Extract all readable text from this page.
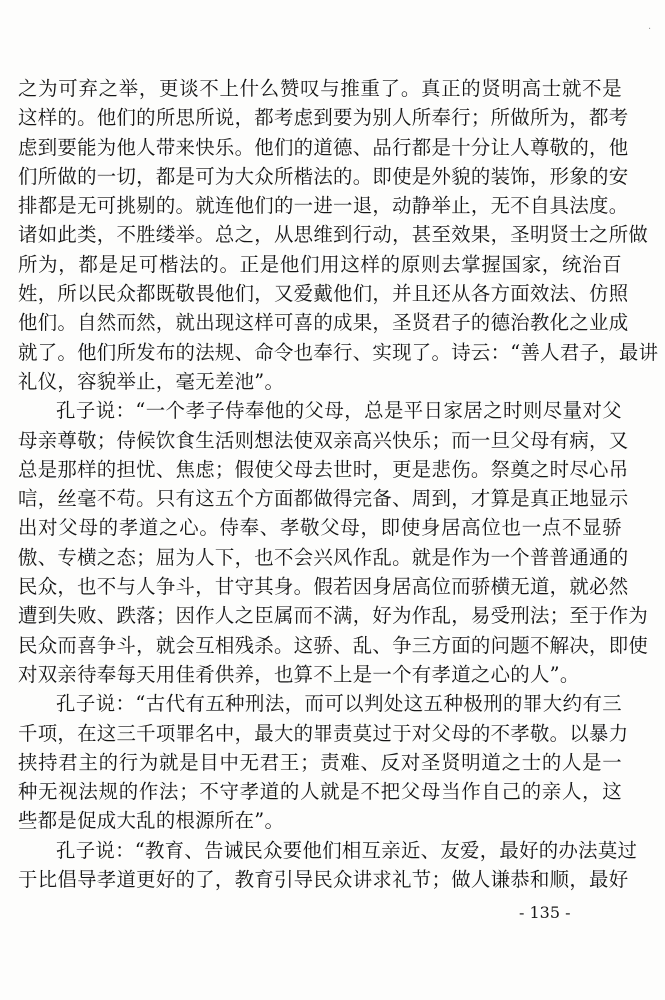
·
之为可弃之举，更谈不上什么赞叹与推重了。真正的贤明高士就不是
这样的。他们的所思所说，都考虑到要为别人所奉行；所做所为，都考
虑到要能为他人带来快乐。他们的道德、品行都是十分让人尊敬的，他
们所做的一切，都是可为大众所楷法的。即使是外貌的装饰，形象的安
排都是无可挑剔的。就连他们的一进一退，动静举止，无不自具法度。
诸如此类，不胜缕举。总之，从思维到行动，甚至效果，圣明贤士之所做
所为，都是足可楷法的。正是他们用这样的原则去掌握国家，统治百
姓，所以民众都既敬畏他们，又爱戴他们，并且还从各方面效法、仿照
他们。自然而然，就出现这样可喜的成果，圣贤君子的德治教化之业成
就了。他们所发布的法规、命令也奉行、实现了。诗云：“善人君子，最讲
礼仪，容貌举止，毫无差池”。
孔子说：“一个孝子侍奉他的父母，总是平日家居之时则尽量对父
母亲尊敬；侍候饮食生活则想法使双亲高兴快乐；而一旦父母有病，又
总是那样的担忧、焦虑；假使父母去世时，更是悲伤。祭奠之时尽心吊
唁，丝毫不苟。只有这五个方面都做得完备、周到，才算是真正地显示
出对父母的孝道之心。侍奉、孝敬父母，即使身居高位也一点不显骄
傲、专横之态；屈为人下，也不会兴风作乱。就是作为一个普普通通的
民众，也不与人争斗，甘守其身。假若因身居高位而骄横无道，就必然
遭到失败、跌落；因作人之臣属而不满，好为作乱，易受刑法；至于作为
民众而喜争斗，就会互相残杀。这骄、乱、争三方面的问题不解决，即使
对双亲待奉每天用佳肴供养，也算不上是一个有孝道之心的人”。
孔子说：“古代有五种刑法，而可以判处这五种极刑的罪大约有三
千项，在这三千项罪名中，最大的罪责莫过于对父母的不孝敬。以暴力
挟持君主的行为就是目中无君王；责难、反对圣贤明道之士的人是一
种无视法规的作法；不守孝道的人就是不把父母当作自己的亲人，这
些都是促成大乱的根源所在”。
孔子说：“教育、告诫民众要他们相互亲近、友爱，最好的办法莫过
于比倡导孝道更好的了，教育引导民众讲求礼节；做人谦恭和顺，最好
- 135 -
